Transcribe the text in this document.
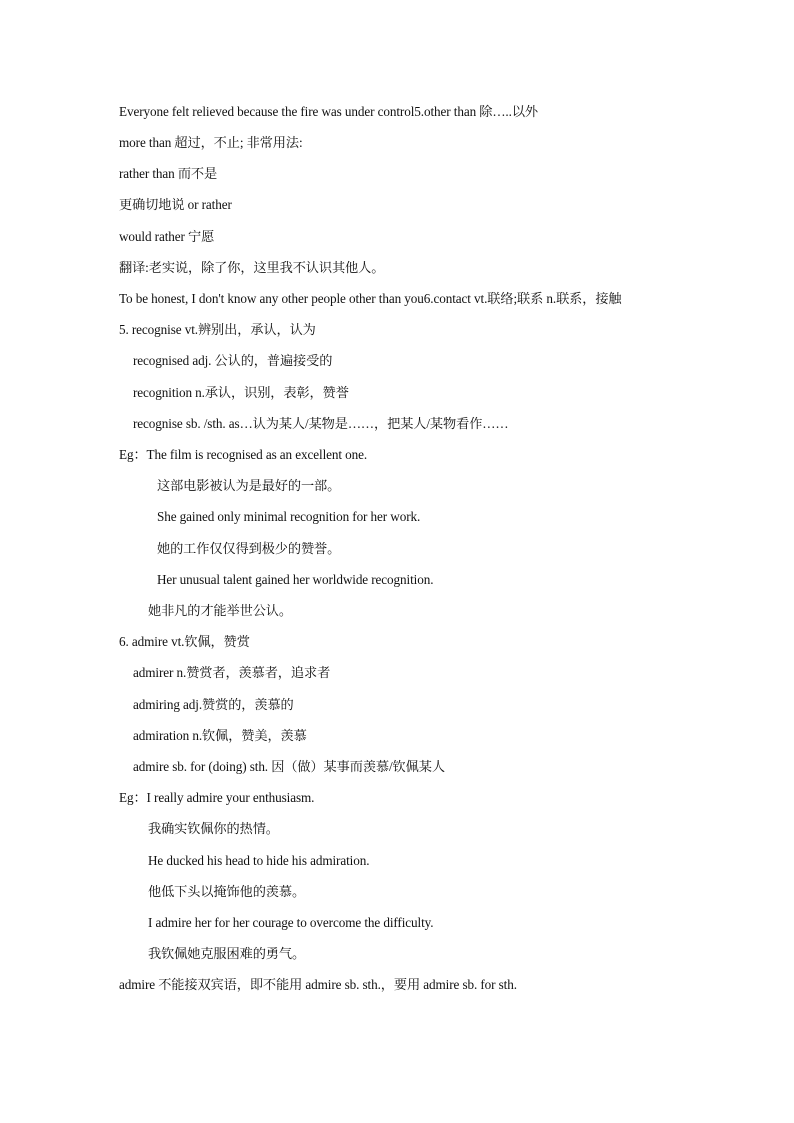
Everyone felt relieved because the fire was under control5.other than 除…..以外
more than 超过，不止; 非常用法:
rather than 而不是
更确切地说 or rather
would rather 宁愿
翻译:老实说，除了你，这里我不认识其他人。
To be honest, I don't know any other people other than you6.contact vt.联络;联系 n.联系，接触
5. recognise vt.辨别出，承认，认为
recognised adj. 公认的，普遍接受的
recognition n.承认，识别，表彰，赞誉
recognise sb. /sth. as…认为某人/某物是……，把某人/某物看作……
Eg：The film is recognised as an excellent one.
这部电影被认为是最好的一部。
She gained only minimal recognition for her work.
她的工作仅仅得到极少的赞誉。
Her unusual talent gained her worldwide recognition.
她非凡的才能举世公认。
6. admire vt.钦佩，赞赏
admirer n.赞赏者，羡慕者，追求者
admiring adj.赞赏的，羡慕的
admiration n.钦佩，赞美，羡慕
admire sb. for (doing) sth. 因（做）某事而羡慕/钦佩某人
Eg：I really admire your enthusiasm.
我确实钦佩你的热情。
He ducked his head to hide his admiration.
他低下头以掩饰他的羡慕。
I admire her for her courage to overcome the difficulty.
我钦佩她克服困难的勇气。
admire 不能接双宾语，即不能用 admire sb. sth.，要用 admire sb. for sth.
